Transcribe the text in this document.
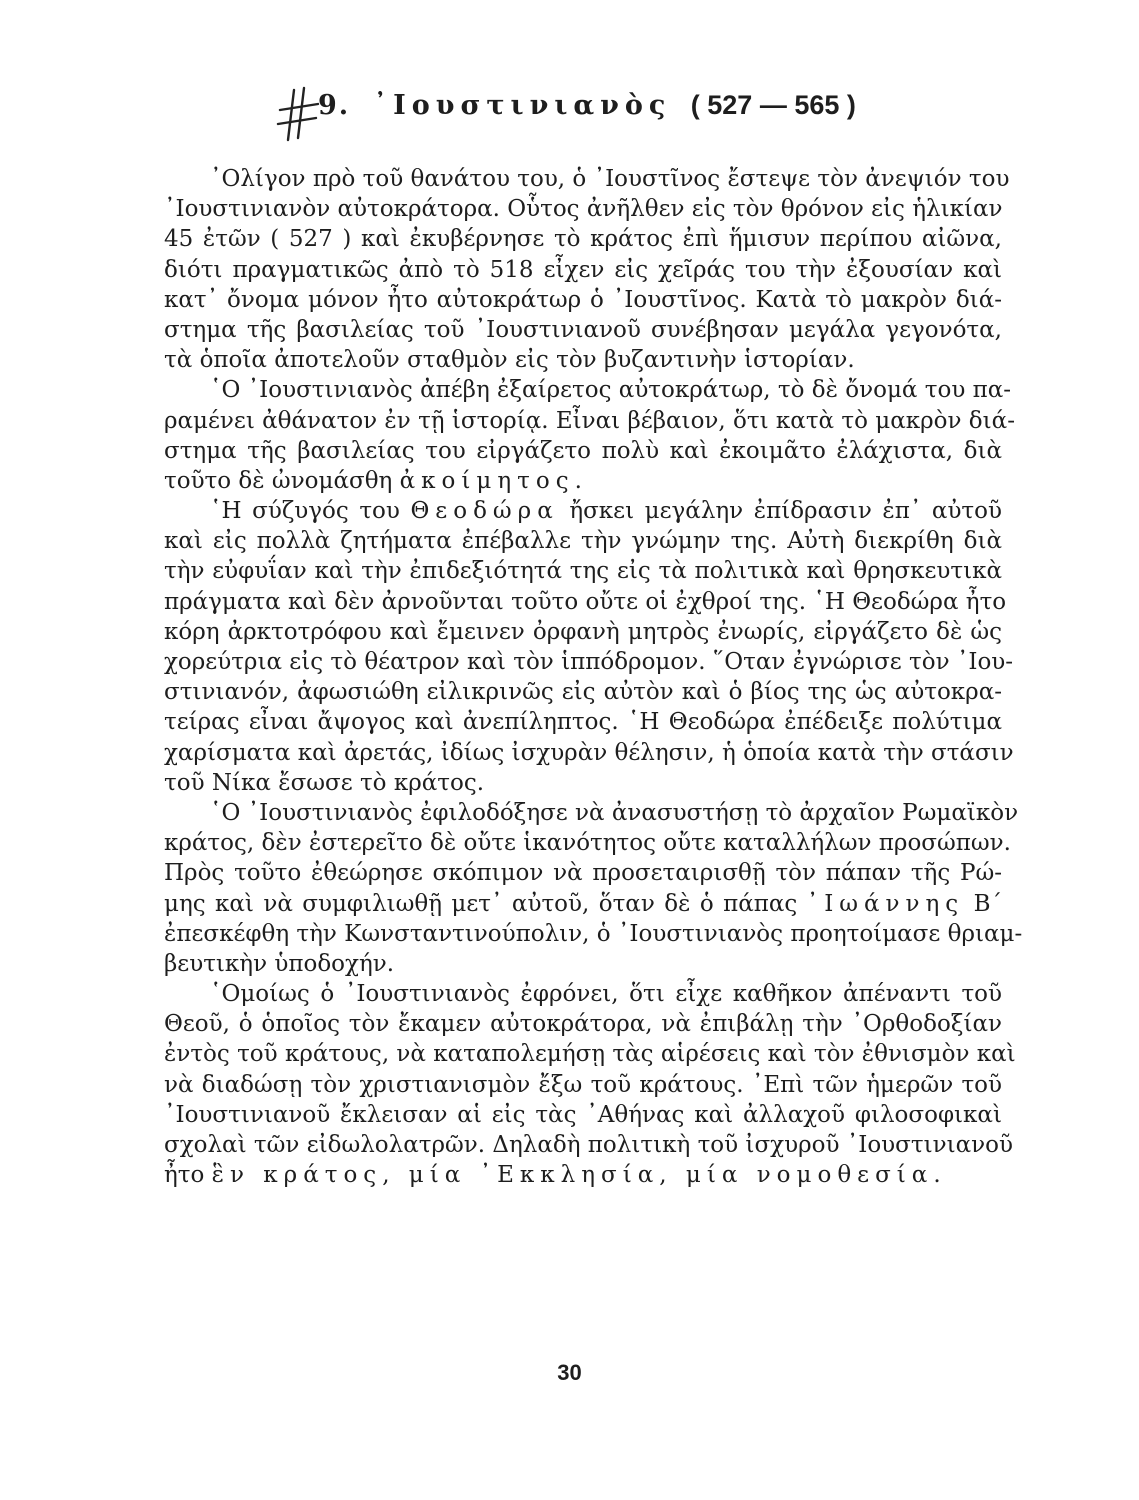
9. ᾽Ιουστινιανὸς ( 527 — 565 )
᾽Ολίγον πρὸ τοῦ θανάτου του, ὁ ᾽Ιουστῖνος ἔστεψε τὸν ἀνεψιόν του
᾽Ιουστινιανὸν αὐτοκράτορα. Οὗτος ἀνῆλθεν εἰς τὸν θρόνον εἰς ἡλικίαν
45 ἐτῶν ( 527 ) καὶ ἐκυβέρνησε τὸ κράτος ἐπὶ ἥμισυν περίπου αἰῶνα,
διότι πραγματικῶς ἀπὸ τὸ 518 εἶχεν εἰς χεῖράς του τὴν ἐξουσίαν καὶ
κατ᾽ ὄνομα μόνον ἦτο αὐτοκράτωρ ὁ ᾽Ιουστῖνος. Κατὰ τὸ μακρὸν διά-
στημα τῆς βασιλείας τοῦ ᾽Ιουστινιανοῦ συνέβησαν μεγάλα γεγονότα,
τὰ ὁποῖα ἀποτελοῦν σταθμὸν εἰς τὸν βυζαντινὴν ἱστορίαν.
῾Ο ᾽Ιουστινιανὸς ἀπέβη ἐξαίρετος αὐτοκράτωρ, τὸ δὲ ὄνομά του πα-
ραμένει ἀθάνατον ἐν τῇ ἱστορίᾳ. Εἶναι βέβαιον, ὅτι κατὰ τὸ μακρὸν διά-
στημα τῆς βασιλείας του εἰργάζετο πολὺ καὶ ἐκοιμᾶτο ἐλάχιστα, διὰ
τοῦτο δὲ ὠνομάσθη ἀκοίμητος.
῾Η σύζυγός του Θεοδώρα ἤσκει μεγάλην ἐπίδρασιν ἐπ᾽ αὐτοῦ
καὶ εἰς πολλὰ ζητήματα ἐπέβαλλε τὴν γνώμην της. Αὐτὴ διεκρίθη διὰ
τὴν εὐφυΐαν καὶ τὴν ἐπιδεξιότητά της εἰς τὰ πολιτικὰ καὶ θρησκευτικὰ
πράγματα καὶ δὲν ἀρνοῦνται τοῦτο οὔτε οἱ ἐχθροί της. ῾Η Θεοδώρα ἦτο
κόρη ἀρκτοτρόφου καὶ ἔμεινεν ὀρφανὴ μητρὸς ἐνωρίς, εἰργάζετο δὲ ὡς
χορεύτρια εἰς τὸ θέατρον καὶ τὸν ἱππόδρομον. ῞Οταν ἐγνώρισε τὸν ᾽Ιου-
στινιανόν, ἀφωσιώθη εἰλικρινῶς εἰς αὐτὸν καὶ ὁ βίος της ὡς αὐτοκρα-
τείρας εἶναι ἄψογος καὶ ἀνεπίληπτος. ῾Η Θεοδώρα ἐπέδειξε πολύτιμα
χαρίσματα καὶ ἀρετάς, ἰδίως ἰσχυρὰν θέλησιν, ἡ ὁποία κατὰ τὴν στάσιν
τοῦ Νίκα ἔσωσε τὸ κράτος.
῾Ο ᾽Ιουστινιανὸς ἐφιλοδόξησε νὰ ἀνασυστήσῃ τὸ ἀρχαῖον Ρωμαϊκὸν
κράτος, δὲν ἐστερεῖτο δὲ οὔτε ἱκανότητος οὔτε καταλλήλων προσώπων.
Πρὸς τοῦτο ἐθεώρησε σκόπιμον νὰ προσεταιρισθῇ τὸν πάπαν τῆς Ρώ-
μης καὶ νὰ συμφιλιωθῇ μετ᾽ αὐτοῦ, ὅταν δὲ ὁ πάπας ᾽Ιωάννης Β´
ἐπεσκέφθη τὴν Κωνσταντινούπολιν, ὁ ᾽Ιουστινιανὸς προητοίμασε θριαμ-
βευτικὴν ὑποδοχήν.
῾Ομοίως ὁ ᾽Ιουστινιανὸς ἐφρόνει, ὅτι εἶχε καθῆκον ἀπέναντι τοῦ
Θεοῦ, ὁ ὁποῖος τὸν ἔκαμεν αὐτοκράτορα, νὰ ἐπιβάλῃ τὴν ᾽Ορθοδοξίαν
ἐντὸς τοῦ κράτους, νὰ καταπολεμήσῃ τὰς αἱρέσεις καὶ τὸν ἐθνισμὸν καὶ
νὰ διαδώσῃ τὸν χριστιανισμὸν ἔξω τοῦ κράτους. ᾽Επὶ τῶν ἡμερῶν τοῦ
᾽Ιουστινιανοῦ ἔκλεισαν αἱ εἰς τὰς ᾽Αθήνας καὶ ἀλλαχοῦ φιλοσοφικαὶ
σχολαὶ τῶν εἰδωλολατρῶν. Δηλαδὴ πολιτικὴ τοῦ ἰσχυροῦ ᾽Ιουστινιανοῦ
ἦτο ἓν κράτος, μία ᾽Εκκλησία, μία νομοθεσία.
30
